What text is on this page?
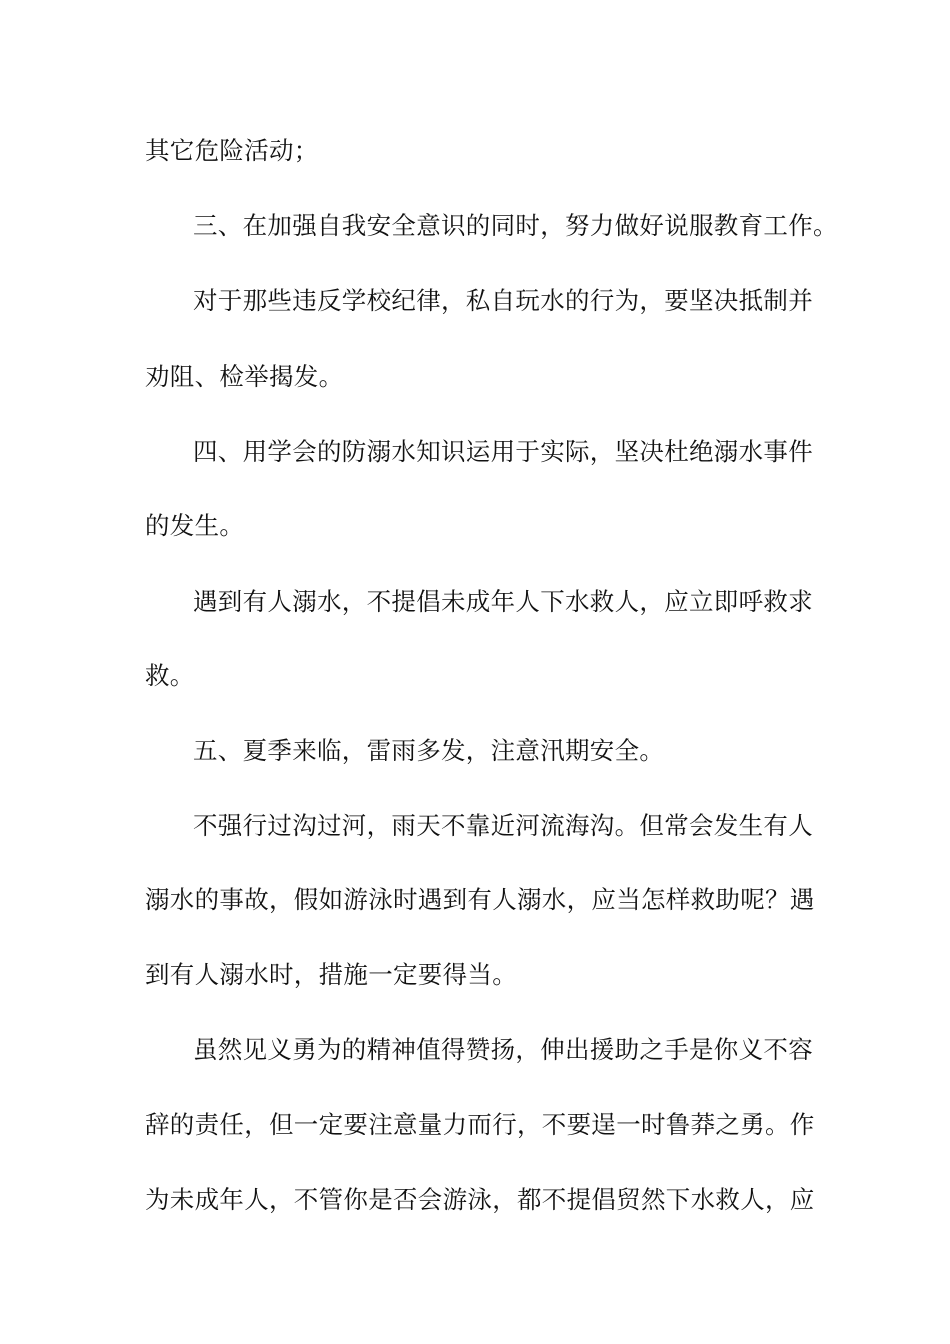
其它危险活动；
三、在加强自我安全意识的同时，努力做好说服教育工作。
对于那些违反学校纪律，私自玩水的行为，要坚决抵制并
劝阻、检举揭发。
四、用学会的防溺水知识运用于实际，坚决杜绝溺水事件
的发生。
遇到有人溺水，不提倡未成年人下水救人，应立即呼救求
救。
五、夏季来临，雷雨多发，注意汛期安全。
不强行过沟过河，雨天不靠近河流海沟。但常会发生有人
溺水的事故，假如游泳时遇到有人溺水，应当怎样救助呢？遇
到有人溺水时，措施一定要得当。
虽然见义勇为的精神值得赞扬，伸出援助之手是你义不容
辞的责任，但一定要注意量力而行，不要逞一时鲁莽之勇。作
为未成年人，不管你是否会游泳，都不提倡贸然下水救人，应
